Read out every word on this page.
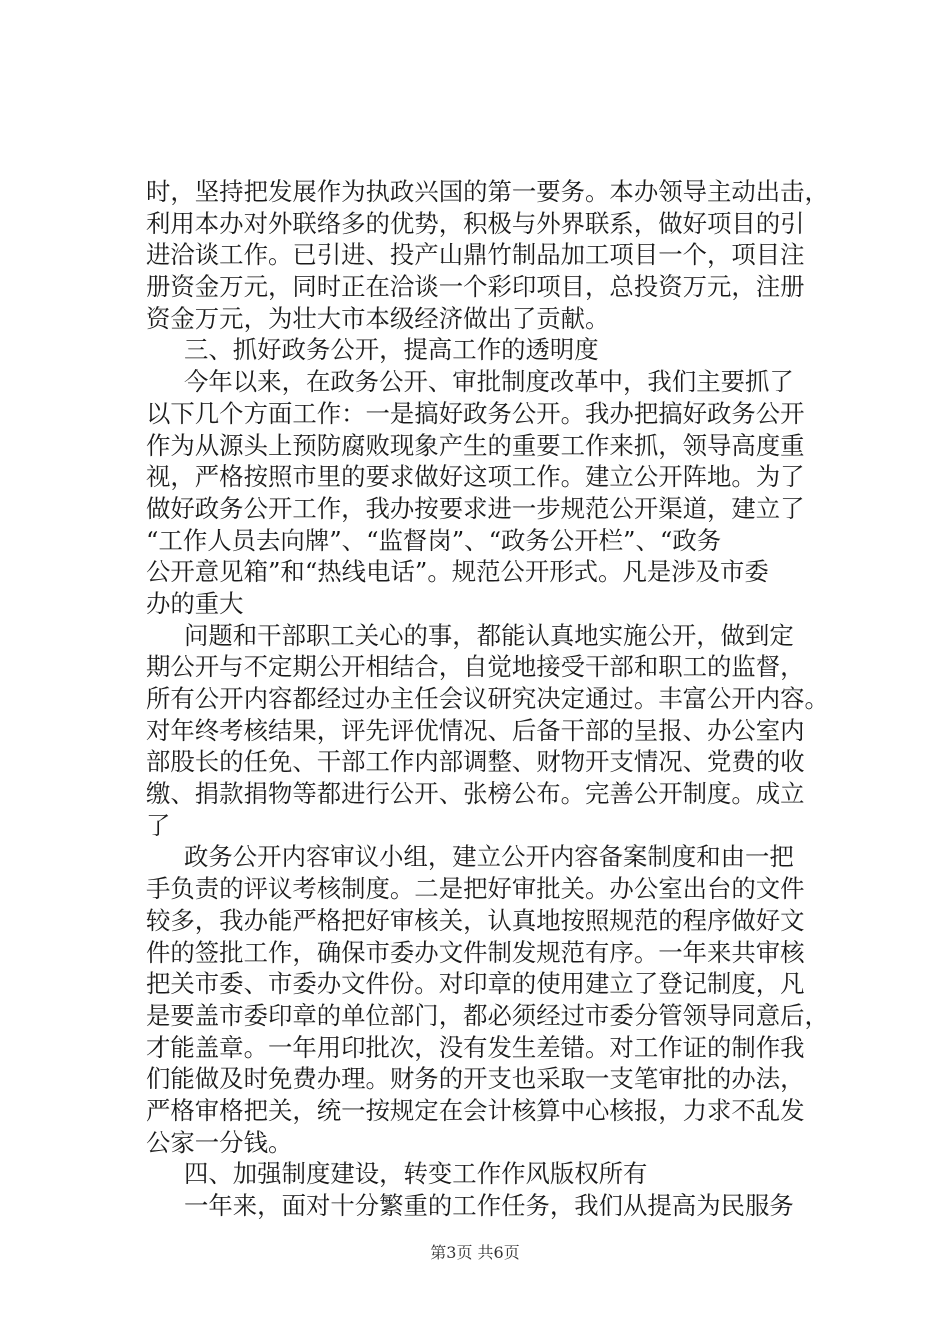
时，坚持把发展作为执政兴国的第一要务。本办领导主动出击，
利用本办对外联络多的优势，积极与外界联系，做好项目的引
进洽谈工作。已引进、投产山鼎竹制品加工项目一个，项目注
册资金万元，同时正在洽谈一个彩印项目，总投资万元，注册
资金万元，为壮大市本级经济做出了贡献。
三、抓好政务公开，提高工作的透明度
今年以来，在政务公开、审批制度改革中，我们主要抓了
以下几个方面工作：一是搞好政务公开。我办把搞好政务公开
作为从源头上预防腐败现象产生的重要工作来抓，领导高度重
视，严格按照市里的要求做好这项工作。建立公开阵地。为了
做好政务公开工作，我办按要求进一步规范公开渠道，建立了
“工作人员去向牌”、“监督岗”、“政务公开栏”、“政务
公开意见箱”和“热线电话”。规范公开形式。凡是涉及市委
办的重大
问题和干部职工关心的事，都能认真地实施公开，做到定
期公开与不定期公开相结合，自觉地接受干部和职工的监督，
所有公开内容都经过办主任会议研究决定通过。丰富公开内容。
对年终考核结果，评先评优情况、后备干部的呈报、办公室内
部股长的任免、干部工作内部调整、财物开支情况、党费的收
缴、捐款捐物等都进行公开、张榜公布。完善公开制度。成立
了
政务公开内容审议小组，建立公开内容备案制度和由一把
手负责的评议考核制度。二是把好审批关。办公室出台的文件
较多，我办能严格把好审核关，认真地按照规范的程序做好文
件的签批工作，确保市委办文件制发规范有序。一年来共审核
把关市委、市委办文件份。对印章的使用建立了登记制度，凡
是要盖市委印章的单位部门，都必须经过市委分管领导同意后，
才能盖章。一年用印批次，没有发生差错。对工作证的制作我
们能做及时免费办理。财务的开支也采取一支笔审批的办法，
严格审格把关，统一按规定在会计核算中心核报，力求不乱发
公家一分钱。
四、加强制度建设，转变工作作风版权所有
一年来，面对十分繁重的工作任务，我们从提高为民服务
第3页 共6页
